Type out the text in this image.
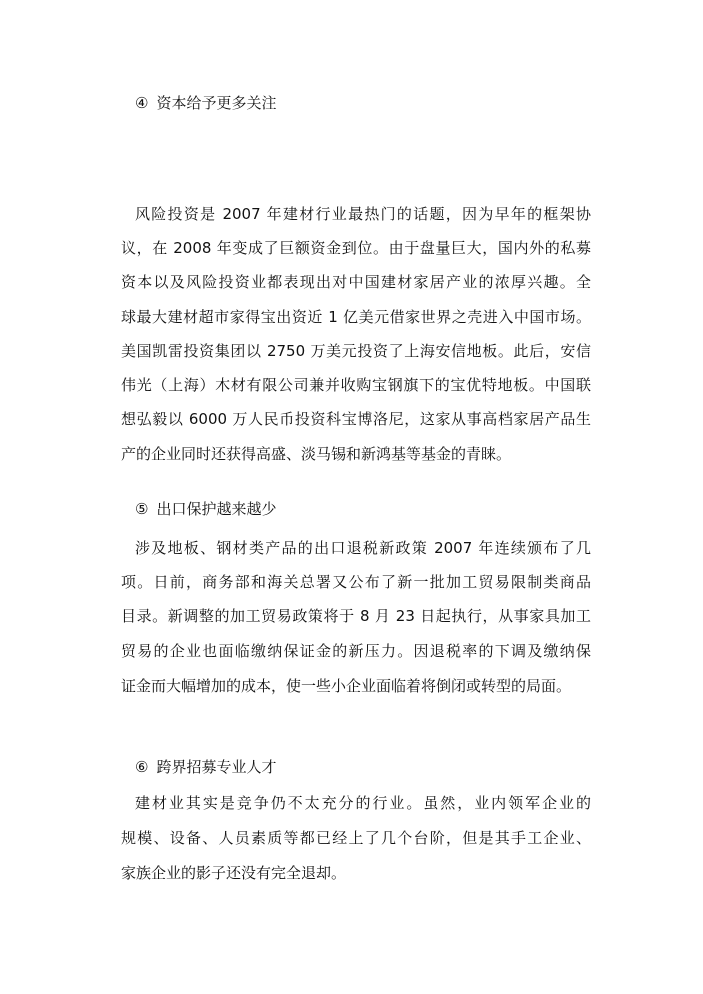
④ 资本给予更多关注

风险投资是 2007 年建材行业最热门的话题，因为早年的框架协

议，在 2008 年变成了巨额资金到位。由于盘量巨大，国内外的私募

资本以及风险投资业都表现出对中国建材家居产业的浓厚兴趣。全

球最大建材超市家得宝出资近 1 亿美元借家世界之壳进入中国市场。

美国凯雷投资集团以 2750 万美元投资了上海安信地板。此后，安信

伟光（上海）木材有限公司兼并收购宝钢旗下的宝优特地板。中国联

想弘毅以 6000 万人民币投资科宝博洛尼，这家从事高档家居产品生

产的企业同时还获得高盛、淡马锡和新鸿基等基金的青睐。

⑤ 出口保护越来越少

涉及地板、钢材类产品的出口退税新政策 2007 年连续颁布了几

项。日前，商务部和海关总署又公布了新一批加工贸易限制类商品

目录。新调整的加工贸易政策将于 8 月 23 日起执行，从事家具加工

贸易的企业也面临缴纳保证金的新压力。因退税率的下调及缴纳保

证金而大幅增加的成本，使一些小企业面临着将倒闭或转型的局面。

⑥ 跨界招募专业人才

建材业其实是竞争仍不太充分的行业。虽然，业内领军企业的

规模、设备、人员素质等都已经上了几个台阶，但是其手工企业、

家族企业的影子还没有完全退却。
